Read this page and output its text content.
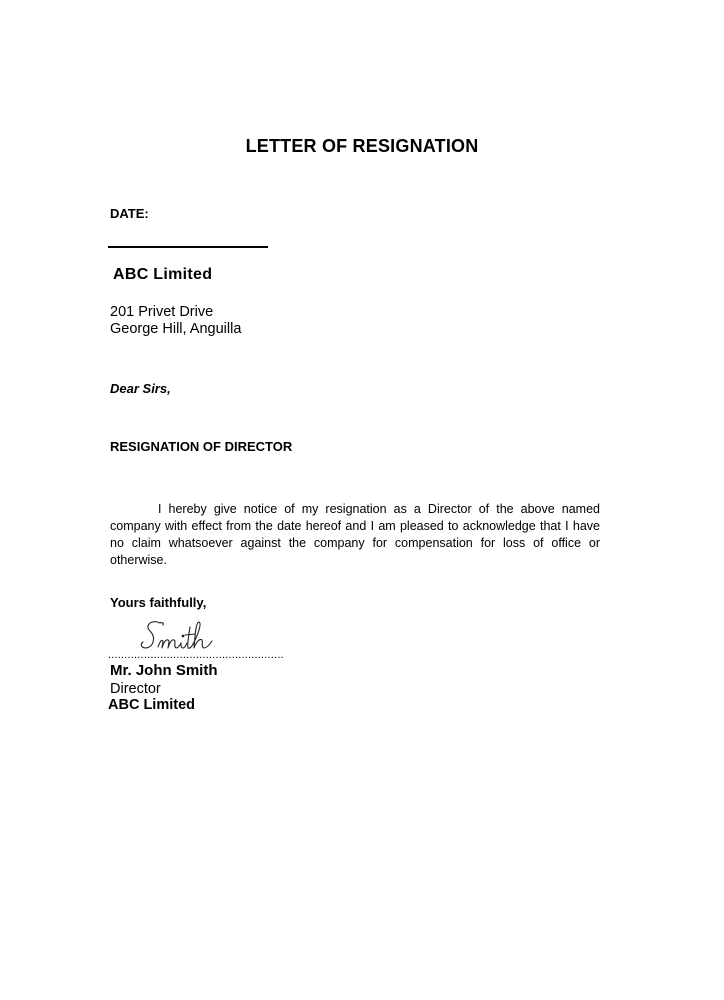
LETTER OF RESIGNATION
DATE:
ABC Limited
201 Privet Drive
George Hill, Anguilla
Dear Sirs,
RESIGNATION OF DIRECTOR
I hereby give notice of my resignation as a Director of the above named company with effect from the date hereof and I am pleased to acknowledge that I have no claim whatsoever against the company for compensation for loss of office or otherwise.
Yours faithfully,
......................................................
Mr. John Smith
Director
ABC Limited
